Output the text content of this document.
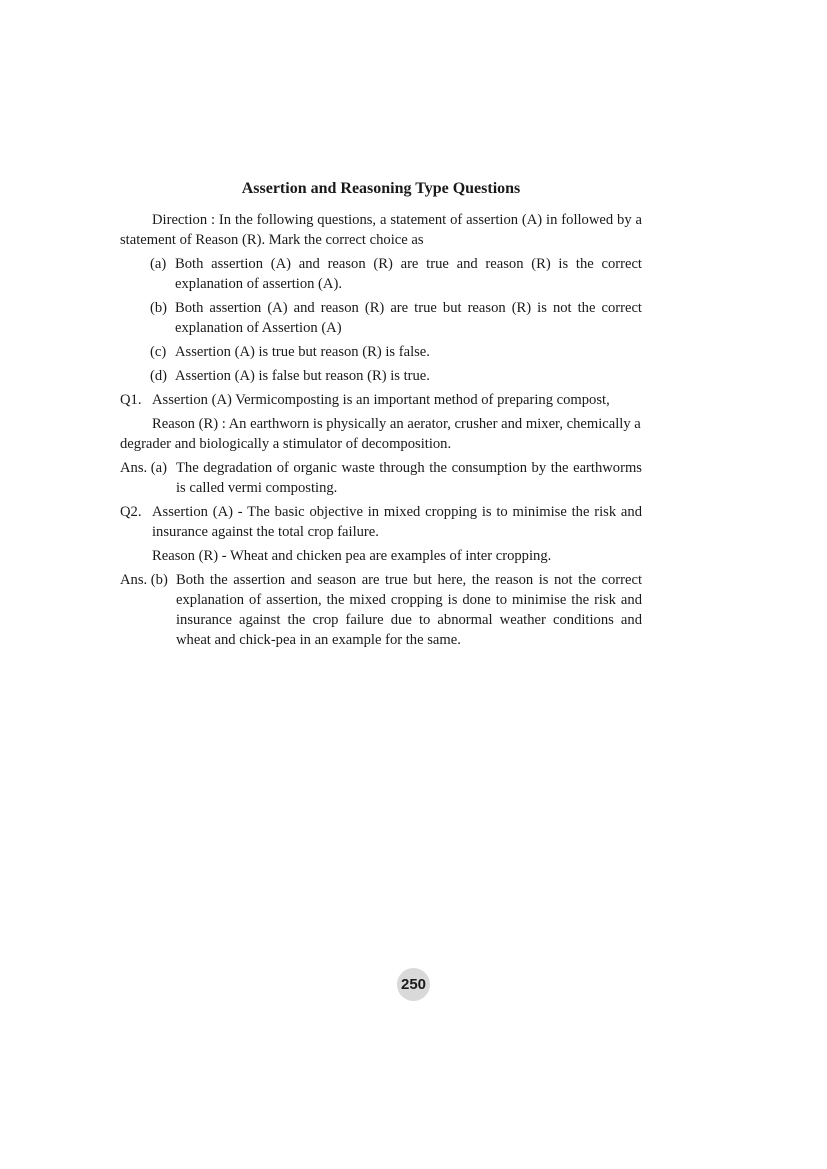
Assertion and Reasoning Type Questions

Direction : In the following questions, a statement of assertion (A) in followed by a statement of Reason (R). Mark the correct choice as

(a) Both assertion (A) and reason (R) are true and reason (R) is the correct explanation of assertion (A).
(b) Both assertion (A) and reason (R) are true but reason (R) is not the correct explanation of Assertion (A)
(c) Assertion (A) is true but reason (R) is false.
(d) Assertion (A) is false but reason (R) is true.
Q1. Assertion (A) Vermicomposting is an important method of preparing compost,
Reason (R) : An earthworn is physically an aerator, crusher and mixer, chemically a
degrader and biologically a stimulator of decomposition.
Ans. (a) The degradation of organic waste through the consumption by the earthworms is called vermi composting.
Q2. Assertion (A) - The basic objective in mixed cropping is to minimise the risk and insurance against the total crop failure.
Reason (R) - Wheat and chicken pea are examples of inter cropping.
Ans. (b) Both the assertion and season are true but here, the reason is not the correct explanation of assertion, the mixed cropping is done to minimise the risk and insurance against the crop failure due to abnormal weather conditions and wheat and chick-pea in an example for the same.
250
